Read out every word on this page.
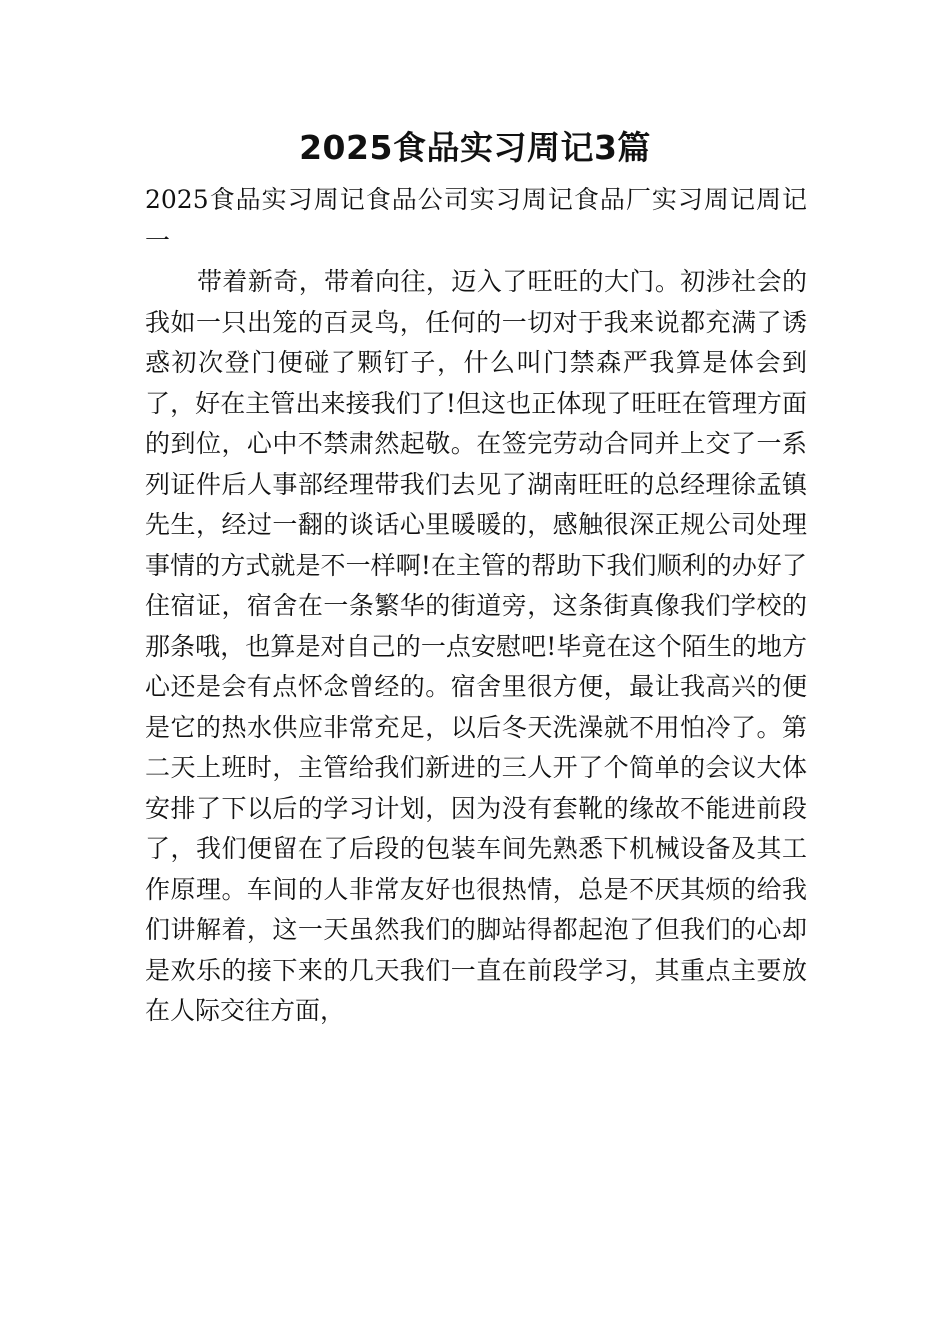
2025食品实习周记3篇

2025食品实习周记食品公司实习周记食品厂实习周记周记一

带着新奇，带着向往，迈入了旺旺的大门。初涉社会的我如一只出笼的百灵鸟，任何的一切对于我来说都充满了诱惑初次登门便碰了颗钉子，什么叫门禁森严我算是体会到了，好在主管出来接我们了!但这也正体现了旺旺在管理方面的到位，心中不禁肃然起敬。在签完劳动合同并上交了一系列证件后人事部经理带我们去见了湖南旺旺的总经理徐孟镇先生，经过一翻的谈话心里暖暖的，感触很深正规公司处理事情的方式就是不一样啊!在主管的帮助下我们顺利的办好了住宿证，宿舍在一条繁华的街道旁，这条街真像我们学校的那条哦，也算是对自己的一点安慰吧!毕竟在这个陌生的地方心还是会有点怀念曾经的。宿舍里很方便，最让我高兴的便是它的热水供应非常充足，以后冬天洗澡就不用怕冷了。第二天上班时，主管给我们新进的三人开了个简单的会议大体安排了下以后的学习计划，因为没有套靴的缘故不能进前段了，我们便留在了后段的包装车间先熟悉下机械设备及其工作原理。车间的人非常友好也很热情，总是不厌其烦的给我们讲解着，这一天虽然我们的脚站得都起泡了但我们的心却是欢乐的接下来的几天我们一直在前段学习，其重点主要放在人际交往方面，
